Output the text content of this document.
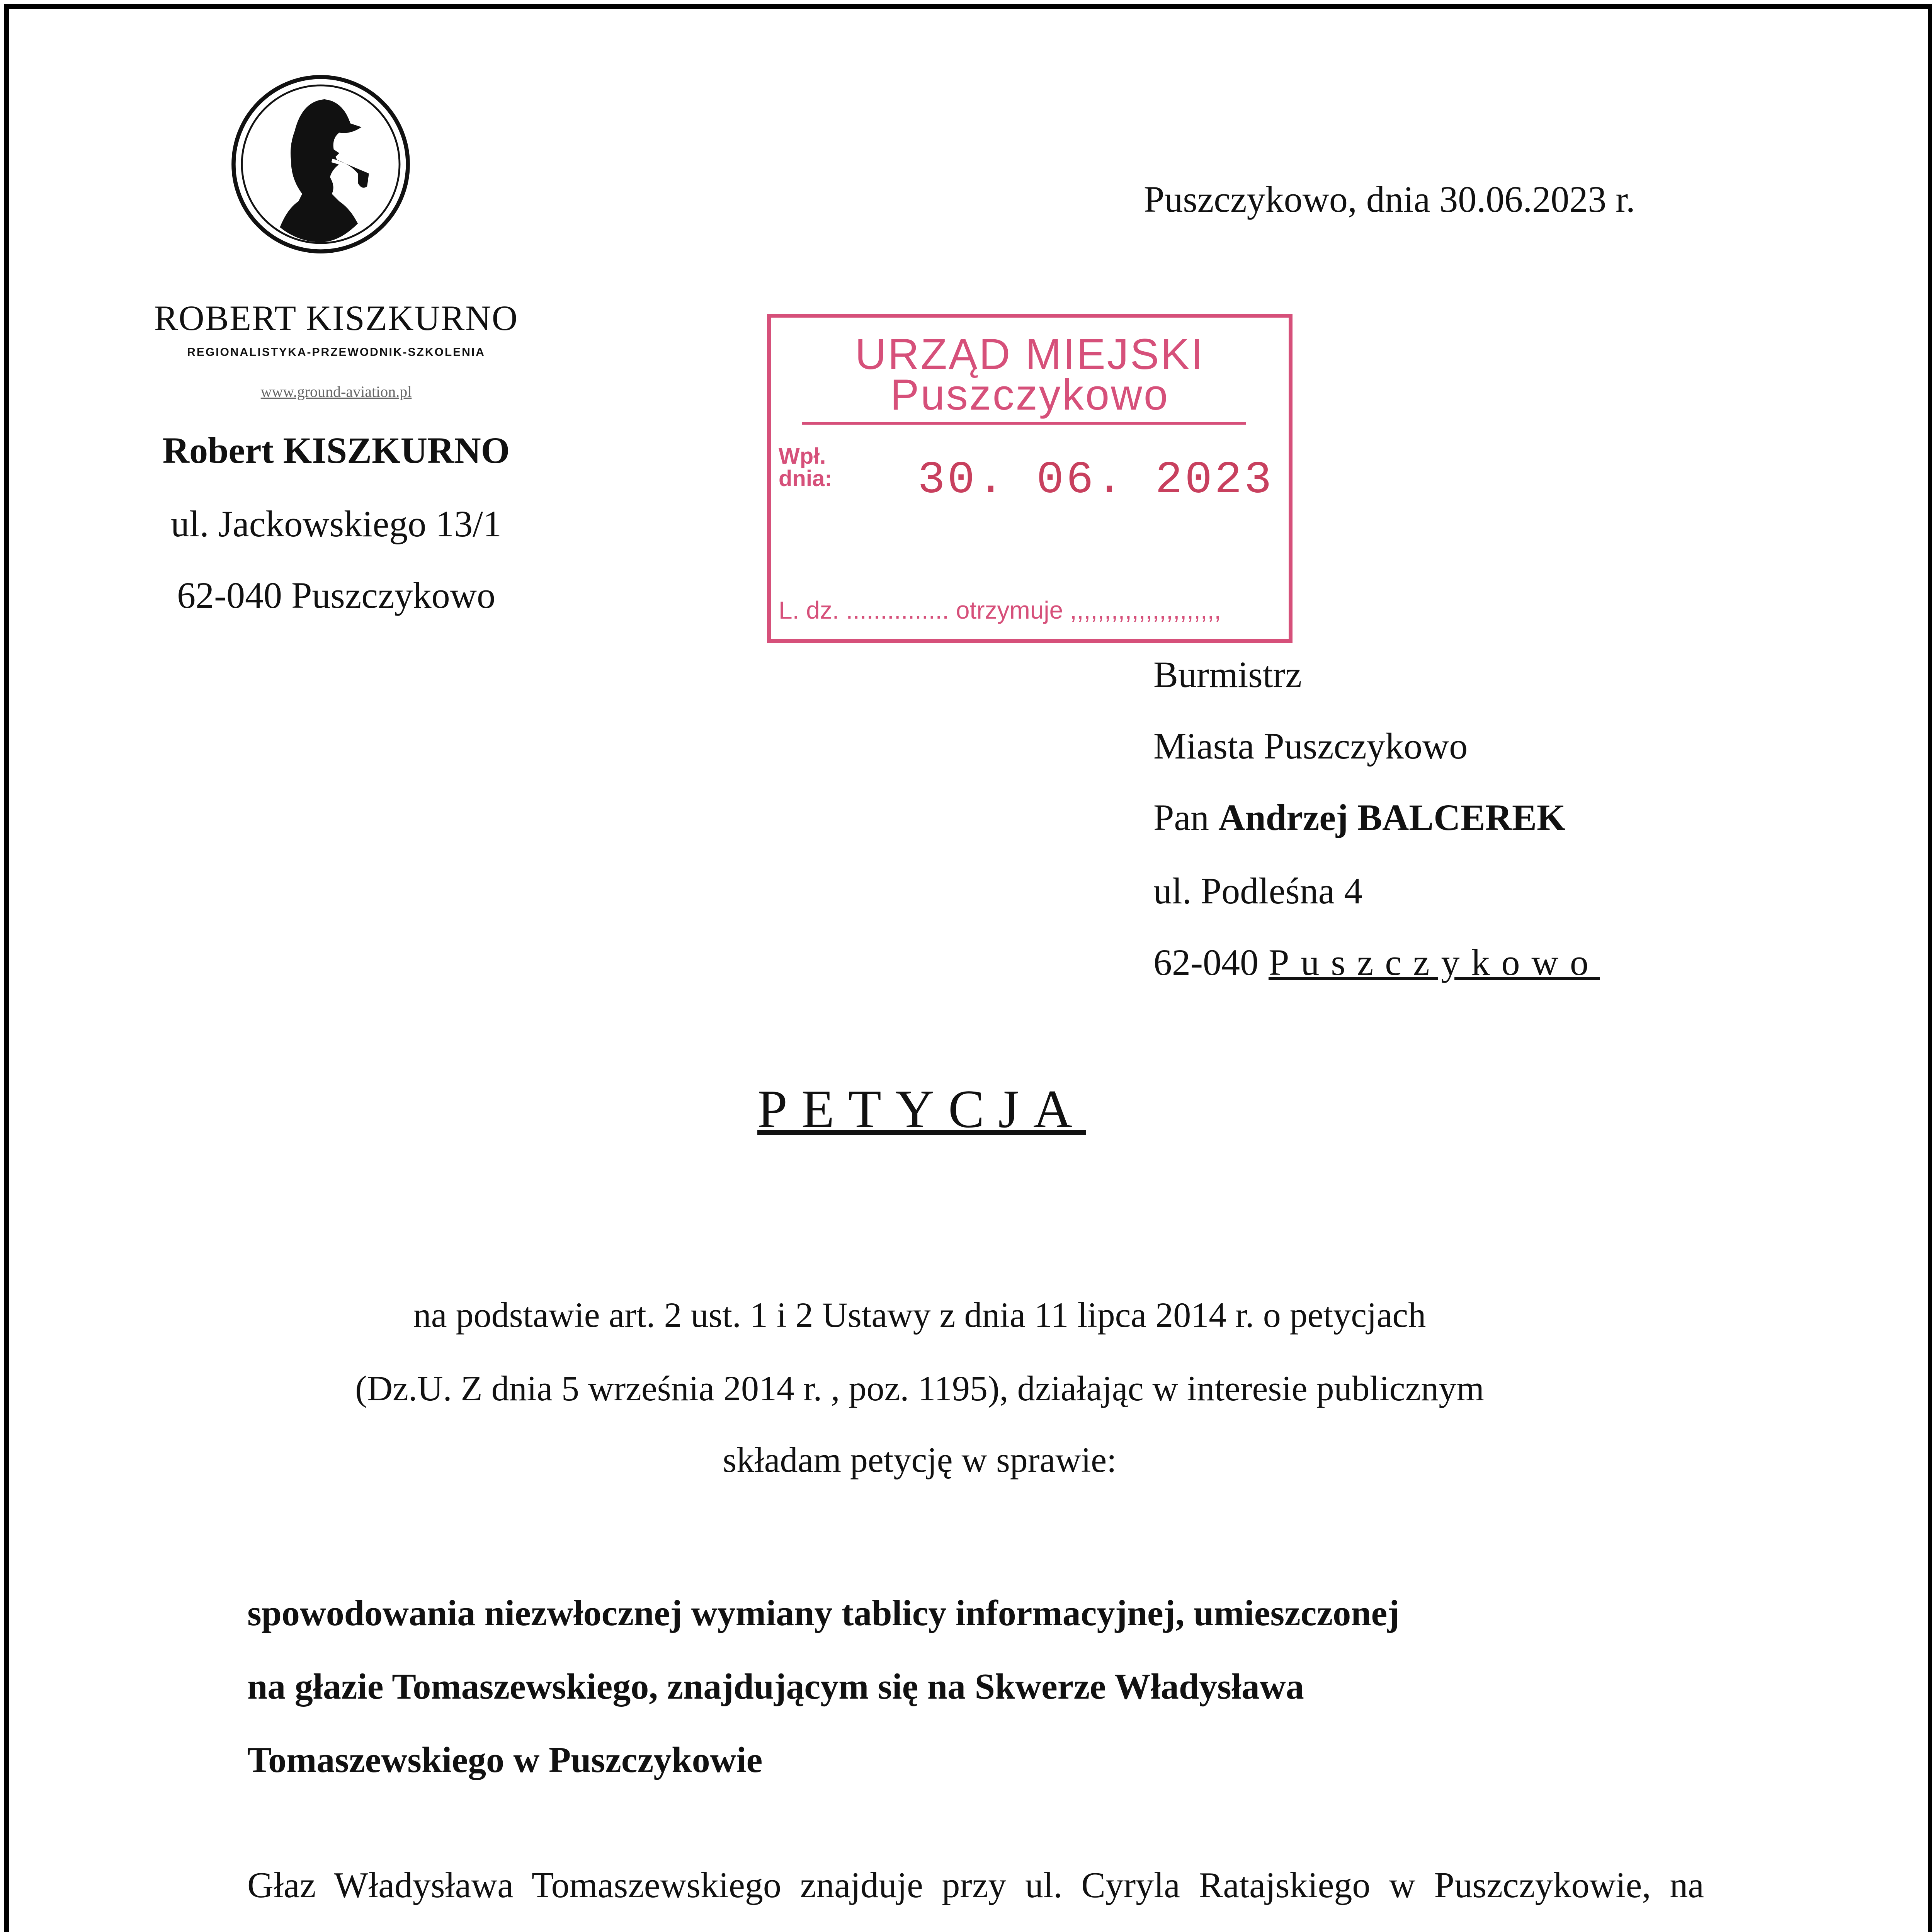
ROBERT KISZKURNO
REGIONALISTYKA-PRZEWODNIK-SZKOLENIA
www.ground-aviation.pl
Robert KISZKURNO
ul. Jackowskiego 13/1
62-040 Puszczykowo
Puszczykowo, dnia 30.06.2023 r.
URZĄD MIEJSKI
Puszczykowo
Wpł.
dnia: 30. 06. 2023
L. dz. ............... otrzymuje ,,,,,,,,,,,,,,,,,,,,,,
Burmistrz
Miasta Puszczykowo
Pan Andrzej BALCEREK
ul. Podleśna 4
62-040 Puszczykowo
PETYCJA
na podstawie art. 2 ust. 1 i 2 Ustawy z dnia 11 lipca 2014 r. o petycjach
(Dz.U. Z dnia 5 września 2014 r. , poz. 1195), działając w interesie publicznym
składam petycję w sprawie:
spowodowania niezwłocznej wymiany tablicy informacyjnej, umieszczonej
na głazie Tomaszewskiego, znajdującym się na Skwerze Władysława
Tomaszewskiego w Puszczykowie
Głaz Władysława Tomaszewskiego znajduje przy ul. Cyryla Ratajskiego w Puszczykowie, na
